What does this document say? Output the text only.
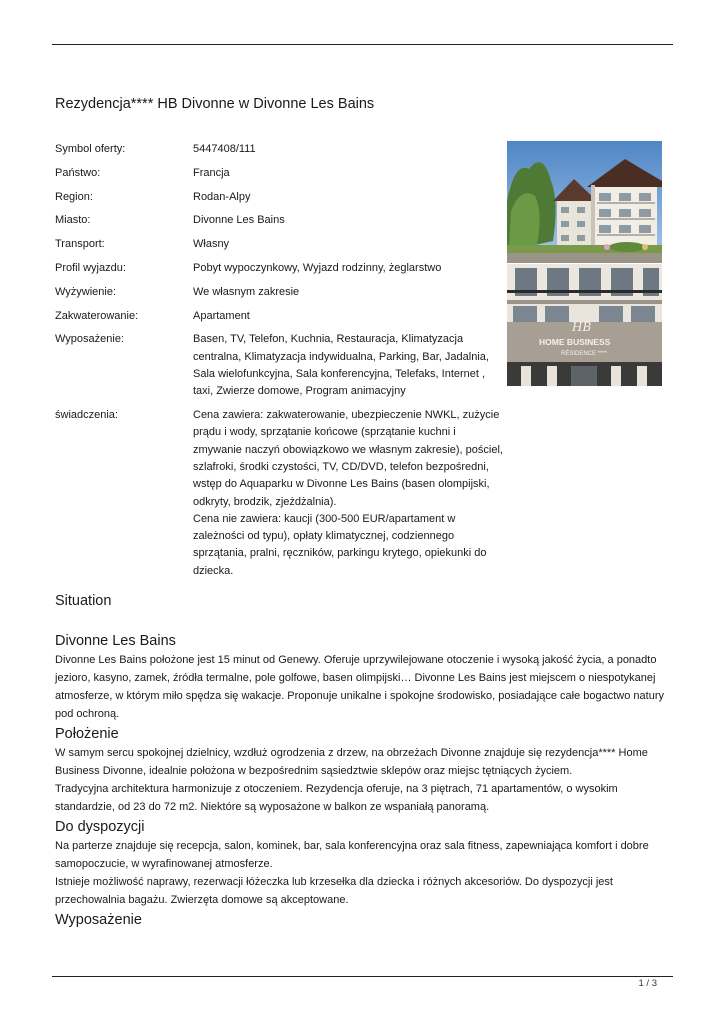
Rezydencja**** HB Divonne w Divonne Les Bains
Symbol oferty:	5447408/111
Państwo:	Francja
Region:	Rodan-Alpy
Miasto:	Divonne Les Bains
Transport:	Własny
Profil wyjazdu:	Pobyt wypoczynkowy, Wyjazd rodzinny, żeglarstwo
Wyżywienie:	We własnym zakresie
Zakwaterowanie:	Apartament
Wyposażenie:	Basen, TV, Telefon, Kuchnia, Restauracja, Klimatyzacja centralna, Klimatyzacja indywidualna, Parking, Bar, Jadalnia, Sala wielofunkcyjna, Sala konferencyjna, Telefaks, Internet , taxi, Zwierze domowe, Program animacyjny
świadczenia:	Cena zawiera: zakwaterowanie, ubezpieczenie NWKL, zużycie prądu i wody, sprzątanie końcowe (sprzątanie kuchni i zmywanie naczyń obowiązkowo we własnym zakresie), pościel, szlafroki, środki czystości, TV, CD/DVD, telefon bezpośredni, wstęp do Aquaparku w Divonne Les Bains (basen olompijski, odkryty, brodzik, zjeżdżalnia).
Cena nie zawiera: kaucji (300-500 EUR/apartament w zależności od typu), opłaty klimatycznej, codziennego sprzątania, pralni, ręczników, parkingu krytego, opiekunki do dziecka.
HB
HOME BUSINESS
RÉSIDENCE ****
Situation
Divonne Les Bains

Divonne Les Bains położone jest 15 minut od Genewy. Oferuje uprzywilejowane otoczenie i wysoką jakość życia, a ponadto jezioro, kasyno, zamek, źródła termalne, pole golfowe, basen olimpijski… Divonne Les Bains jest miejscem o niespotykanej atmosferze, w którym miło spędza się wakacje. Proponuje unikalne i spokojne środowisko, posiadające całe bogactwo natury pod ochroną.

Położenie

W samym sercu spokojnej dzielnicy, wzdłuż ogrodzenia z drzew, na obrzeżach Divonne znajduje się rezydencja**** Home Business Divonne, idealnie położona w bezpośrednim sąsiedztwie sklepów oraz miejsc tętniących życiem.

Tradycyjna architektura harmonizuje z otoczeniem. Rezydencja oferuje, na 3 piętrach, 71 apartamentów, o wysokim standardzie, od 23 do 72 m2. Niektóre są wyposażone w balkon ze wspaniałą panoramą.

Do dyspozycji

Na parterze znajduje się recepcja, salon, kominek, bar, sala konferencyjna oraz sala fitness, zapewniająca komfort i dobre samopoczucie, w wyrafinowanej atmosferze.

Istnieje możliwość naprawy, rezerwacji łóżeczka lub krzesełka dla dziecka i różnych akcesoriów. Do dyspozycji jest przechowalnia bagażu. Zwierzęta domowe są akceptowane.

Wyposażenie
1 / 3
